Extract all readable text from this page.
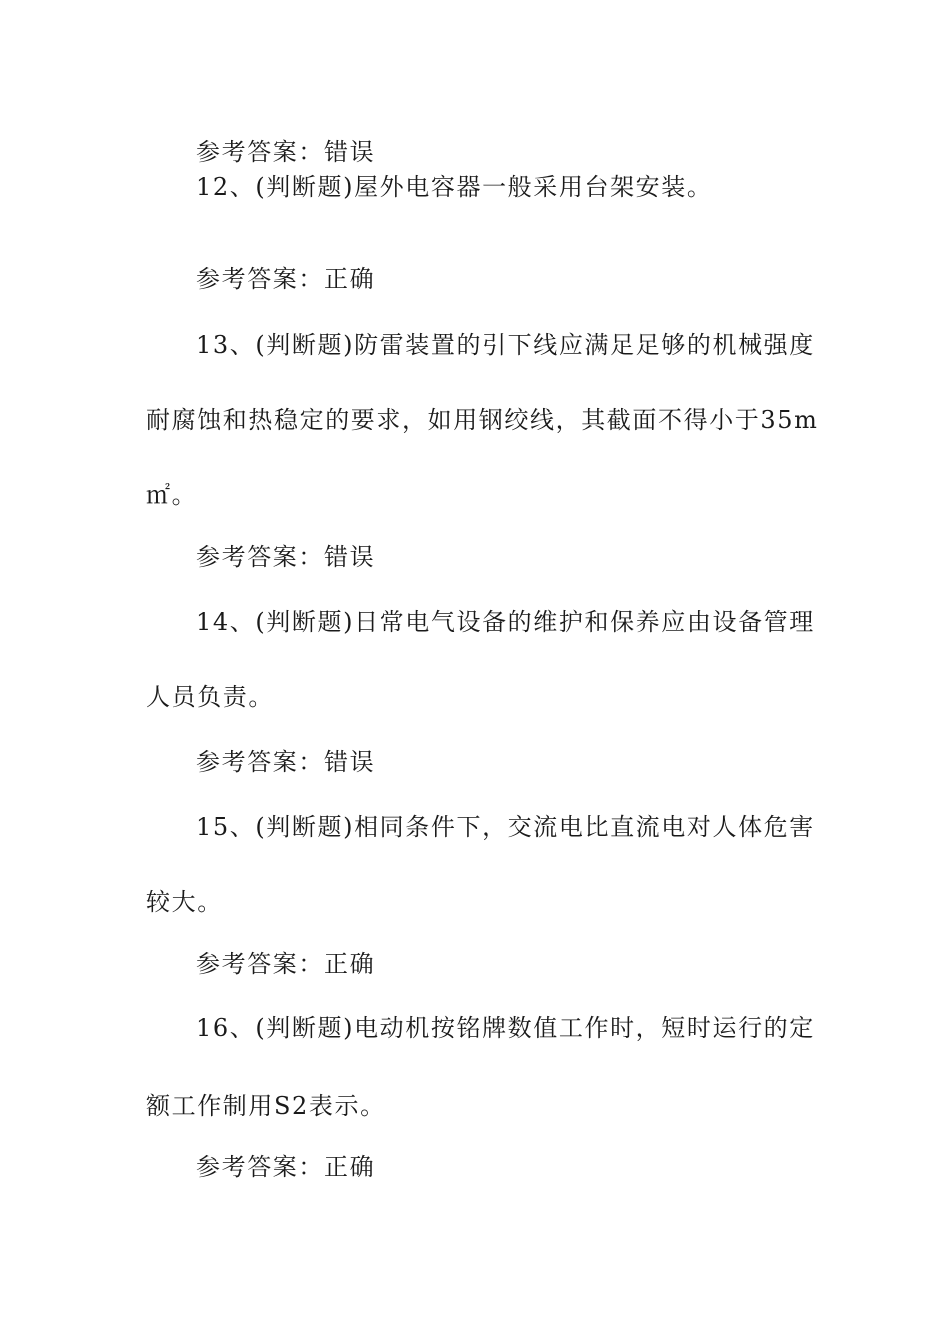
参考答案：错误
12、(判断题)屋外电容器一般采用台架安装。
参考答案：正确
13、(判断题)防雷装置的引下线应满足足够的机械强度
耐腐蚀和热稳定的要求，如用钢绞线，其截面不得小于35m
㎡。
参考答案：错误
14、(判断题)日常电气设备的维护和保养应由设备管理
人员负责。
参考答案：错误
15、(判断题)相同条件下，交流电比直流电对人体危害
较大。
参考答案：正确
16、(判断题)电动机按铭牌数值工作时，短时运行的定
额工作制用S2表示。
参考答案：正确
